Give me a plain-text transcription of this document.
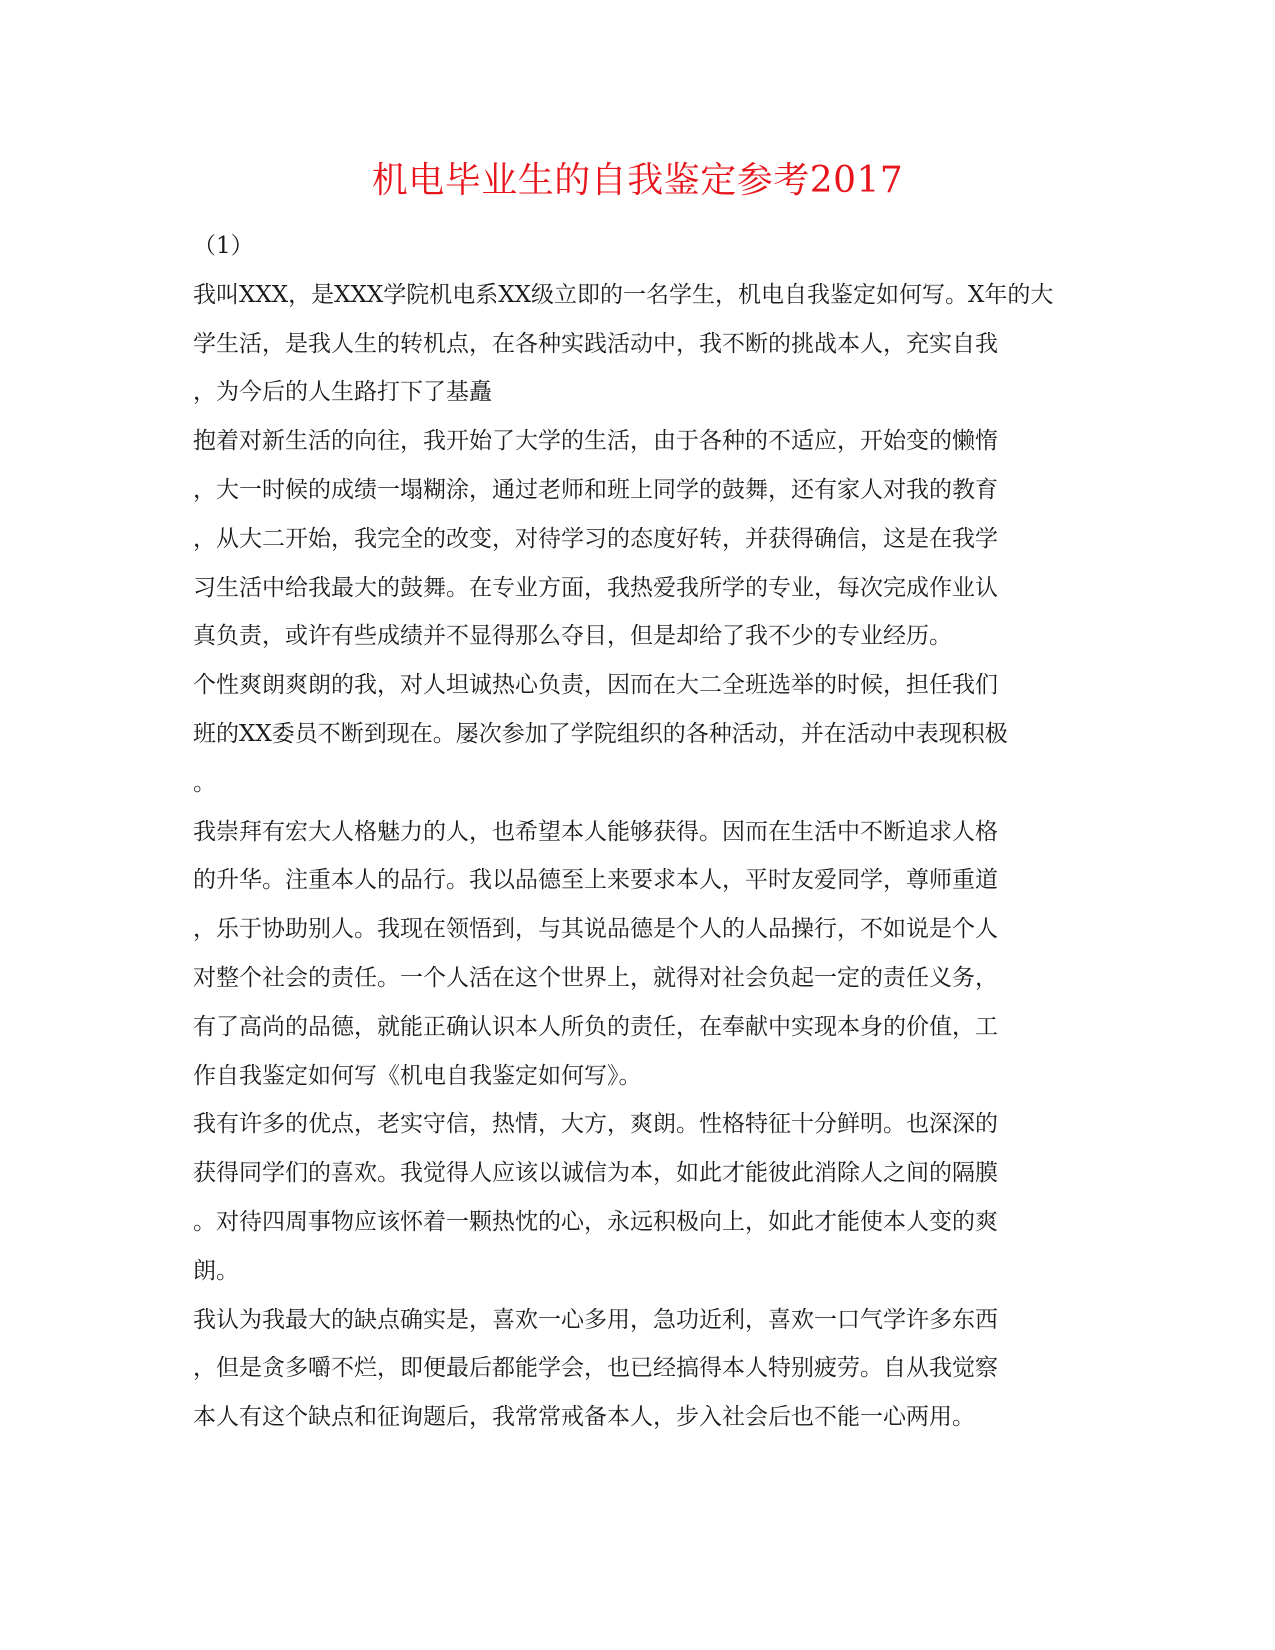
机电毕业生的自我鉴定参考2017
（1）
我叫XXX，是XXX学院机电系XX级立即的一名学生，机电自我鉴定如何写。X年的大
学生活，是我人生的转机点，在各种实践活动中，我不断的挑战本人，充实自我
，为今后的人生路打下了基矗
抱着对新生活的向往，我开始了大学的生活，由于各种的不适应，开始变的懒惰
，大一时候的成绩一塌糊涂，通过老师和班上同学的鼓舞，还有家人对我的教育
，从大二开始，我完全的改变，对待学习的态度好转，并获得确信，这是在我学
习生活中给我最大的鼓舞。在专业方面，我热爱我所学的专业，每次完成作业认
真负责，或许有些成绩并不显得那么夺目，但是却给了我不少的专业经历。
个性爽朗爽朗的我，对人坦诚热心负责，因而在大二全班选举的时候，担任我们
班的XX委员不断到现在。屡次参加了学院组织的各种活动，并在活动中表现积极
。
我崇拜有宏大人格魅力的人，也希望本人能够获得。因而在生活中不断追求人格
的升华。注重本人的品行。我以品德至上来要求本人，平时友爱同学，尊师重道
，乐于协助别人。我现在领悟到，与其说品德是个人的人品操行，不如说是个人
对整个社会的责任。一个人活在这个世界上，就得对社会负起一定的责任义务，
有了高尚的品德，就能正确认识本人所负的责任，在奉献中实现本身的价值，工
作自我鉴定如何写《机电自我鉴定如何写》。
我有许多的优点，老实守信，热情，大方，爽朗。性格特征十分鲜明。也深深的
获得同学们的喜欢。我觉得人应该以诚信为本，如此才能彼此消除人之间的隔膜
。对待四周事物应该怀着一颗热忱的心，永远积极向上，如此才能使本人变的爽
朗。
我认为我最大的缺点确实是，喜欢一心多用，急功近利，喜欢一口气学许多东西
，但是贪多嚼不烂，即便最后都能学会，也已经搞得本人特别疲劳。自从我觉察
本人有这个缺点和征询题后，我常常戒备本人，步入社会后也不能一心两用。
